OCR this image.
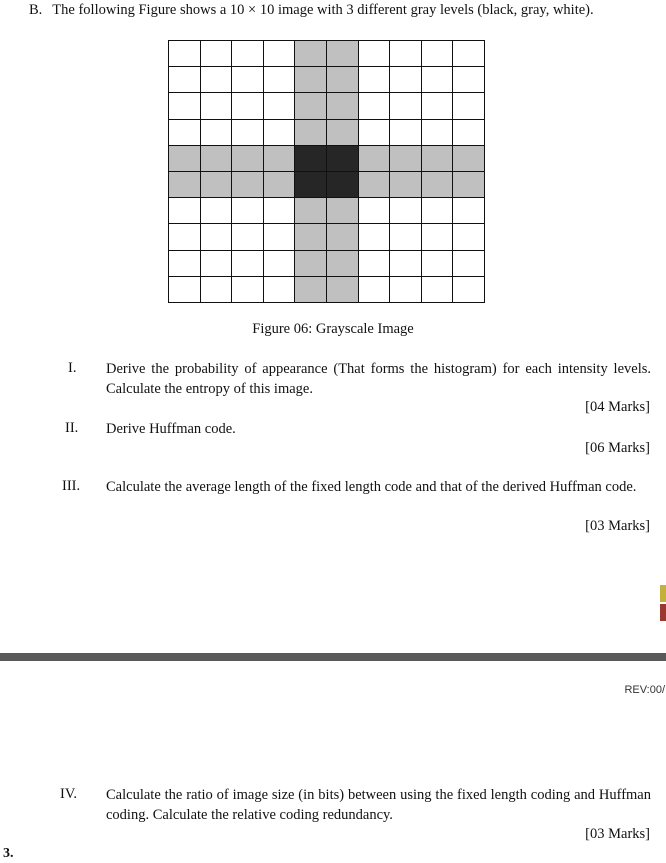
B. The following Figure shows a 10 × 10 image with 3 different gray levels (black, gray, white).
Figure 06: Grayscale Image
I. Derive the probability of appearance (That forms the histogram) for each intensity levels. Calculate the entropy of this image.
[04 Marks]
II. Derive Huffman code.
[06 Marks]
III. Calculate the average length of the fixed length code and that of the derived Huffman code.
[03 Marks]
REV:00/
IV. Calculate the ratio of image size (in bits) between using the fixed length coding and Huffman coding. Calculate the relative coding redundancy.
[03 Marks]
3.
